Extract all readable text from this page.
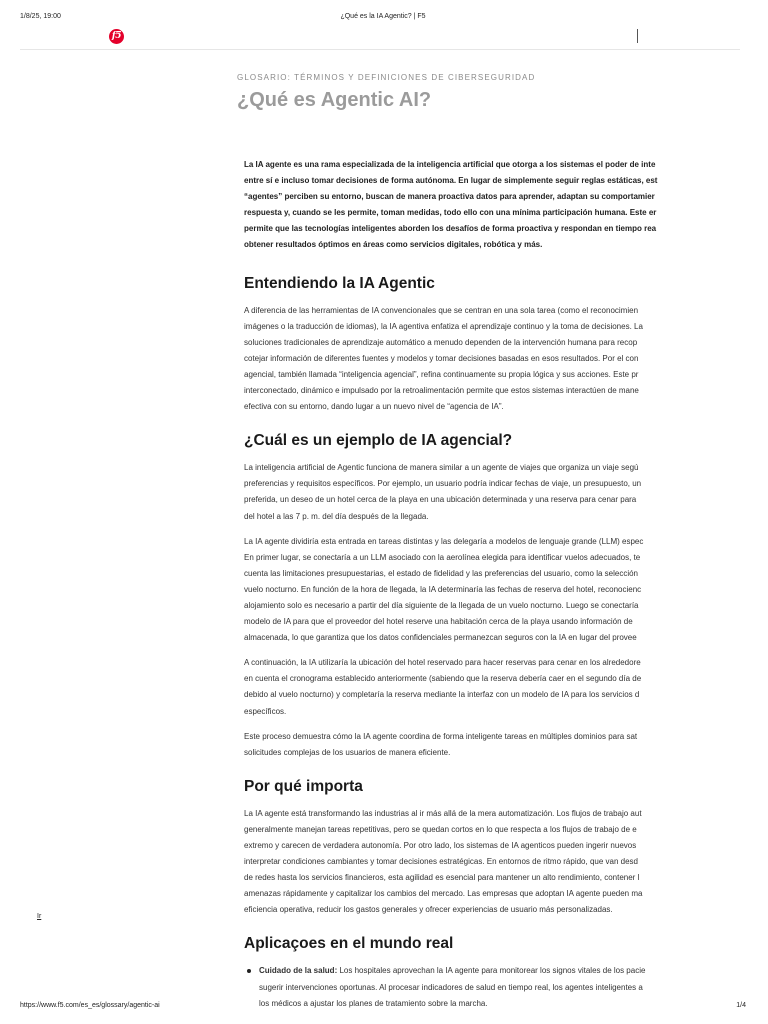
1/8/25, 19:00	¿Qué es la IA Agentic? | F5
f5
GLOSARIO: TÉRMINOS Y DEFINICIONES DE CIBERSEGURIDAD
¿Qué es Agentic AI?

La IA agente es una rama especializada de la inteligencia artificial que otorga a los sistemas el poder de inte
entre sí e incluso tomar decisiones de forma autónoma. En lugar de simplemente seguir reglas estáticas, est
“agentes” perciben su entorno, buscan de manera proactiva datos para aprender, adaptan su comportamier
respuesta y, cuando se les permite, toman medidas, todo ello con una mínima participación humana. Este er
permite que las tecnologías inteligentes aborden los desafíos de forma proactiva y respondan en tiempo rea
obtener resultados óptimos en áreas como servicios digitales, robótica y más.

Entendiendo la IA Agentic

A diferencia de las herramientas de IA convencionales que se centran en una sola tarea (como el reconocimien
imágenes o la traducción de idiomas), la IA agentiva enfatiza el aprendizaje continuo y la toma de decisiones. La
soluciones tradicionales de aprendizaje automático a menudo dependen de la intervención humana para recop
cotejar información de diferentes fuentes y modelos y tomar decisiones basadas en esos resultados. Por el con
agencial, también llamada “inteligencia agencial”, refina continuamente su propia lógica y sus acciones. Este pr
interconectado, dinámico e impulsado por la retroalimentación permite que estos sistemas interactúen de mane
efectiva con su entorno, dando lugar a un nuevo nivel de “agencia de IA”.

¿Cuál es un ejemplo de IA agencial?

La inteligencia artificial de Agentic funciona de manera similar a un agente de viajes que organiza un viaje segú
preferencias y requisitos específicos. Por ejemplo, un usuario podría indicar fechas de viaje, un presupuesto, un
preferida, un deseo de un hotel cerca de la playa en una ubicación determinada y una reserva para cenar para
del hotel a las 7 p. m. del día después de la llegada.

La IA agente dividiría esta entrada en tareas distintas y las delegaría a modelos de lenguaje grande (LLM) espec
En primer lugar, se conectaría a un LLM asociado con la aerolínea elegida para identificar vuelos adecuados, te
cuenta las limitaciones presupuestarias, el estado de fidelidad y las preferencias del usuario, como la selección
vuelo nocturno. En función de la hora de llegada, la IA determinaría las fechas de reserva del hotel, reconocienc
alojamiento solo es necesario a partir del día siguiente de la llegada de un vuelo nocturno. Luego se conectaría
modelo de IA para que el proveedor del hotel reserve una habitación cerca de la playa usando información de
almacenada, lo que garantiza que los datos confidenciales permanezcan seguros con la IA en lugar del provee

A continuación, la IA utilizaría la ubicación del hotel reservado para hacer reservas para cenar en los alrededore
en cuenta el cronograma establecido anteriormente (sabiendo que la reserva debería caer en el segundo día de
debido al vuelo nocturno) y completaría la reserva mediante la interfaz con un modelo de IA para los servicios d
específicos.

Este proceso demuestra cómo la IA agente coordina de forma inteligente tareas en múltiples dominios para sat
solicitudes complejas de los usuarios de manera eficiente.

Por qué importa

La IA agente está transformando las industrias al ir más allá de la mera automatización. Los flujos de trabajo aut
generalmente manejan tareas repetitivas, pero se quedan cortos en lo que respecta a los flujos de trabajo de e
extremo y carecen de verdadera autonomía. Por otro lado, los sistemas de IA agenticos pueden ingerir nuevos
interpretar condiciones cambiantes y tomar decisiones estratégicas. En entornos de ritmo rápido, que van desd
de redes hasta los servicios financieros, esta agilidad es esencial para mantener un alto rendimiento, contener l
amenazas rápidamente y capitalizar los cambios del mercado. Las empresas que adoptan IA agente pueden ma
eficiencia operativa, reducir los gastos generales y ofrecer experiencias de usuario más personalizadas.

Aplicaçoes en el mundo real
Cuidado de la salud: Los hospitales aprovechan la IA agente para monitorear los signos vitales de los pacie
sugerir intervenciones oportunas. Al procesar indicadores de salud en tiempo real, los agentes inteligentes a
los médicos a ajustar los planes de tratamiento sobre la marcha.
Ir
https://www.f5.com/es_es/glossary/agentic-ai	1/4
